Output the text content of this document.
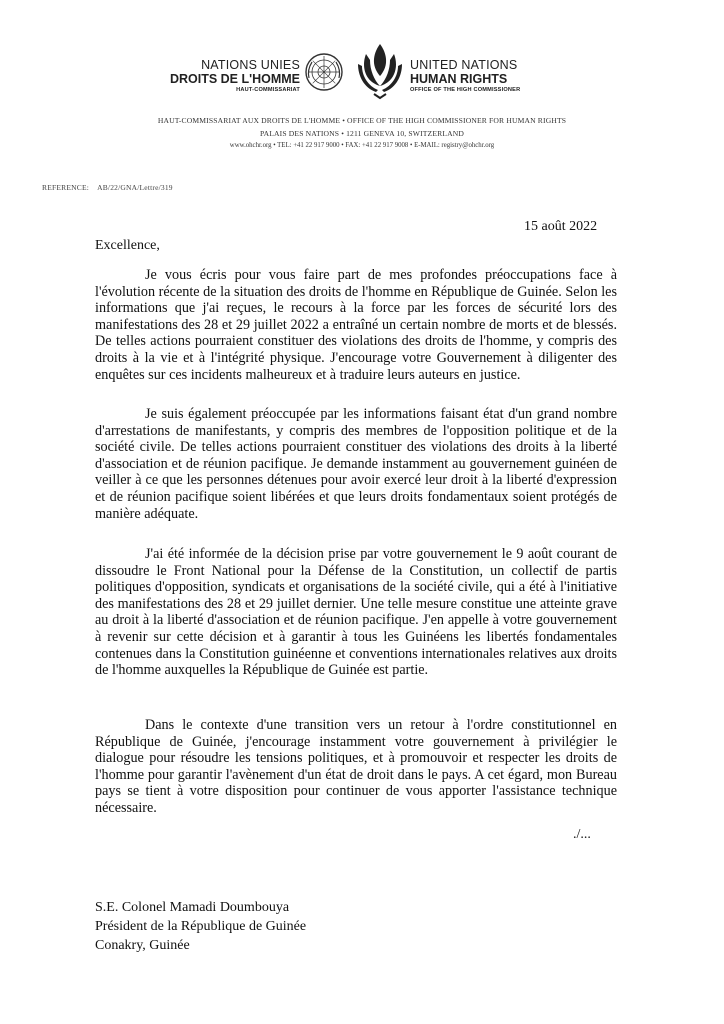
NATIONS UNIES
DROITS DE L'HOMME
HAUT-COMMISSARIAT
UNITED NATIONS
HUMAN RIGHTS
OFFICE OF THE HIGH COMMISSIONER
HAUT-COMMISSARIAT AUX DROITS DE L'HOMME • OFFICE OF THE HIGH COMMISSIONER FOR HUMAN RIGHTS
PALAIS DES NATIONS • 1211 GENEVA 10, SWITZERLAND
www.ohchr.org • TEL: +41 22 917 9000 • FAX: +41 22 917 9008 • E-MAIL: registry@ohchr.org
REFERENCE: AB/22/GNA/Lettre/319
15 août 2022
Excellence,

Je vous écris pour vous faire part de mes profondes préoccupations face à l'évolution récente de la situation des droits de l'homme en République de Guinée. Selon les informations que j'ai reçues, le recours à la force par les forces de sécurité lors des manifestations des 28 et 29 juillet 2022 a entraîné un certain nombre de morts et de blessés. De telles actions pourraient constituer des violations des droits de l'homme, y compris des droits à la vie et à l'intégrité physique. J'encourage votre Gouvernement à diligenter des enquêtes sur ces incidents malheureux et à traduire leurs auteurs en justice.

Je suis également préoccupée par les informations faisant état d'un grand nombre d'arrestations de manifestants, y compris des membres de l'opposition politique et de la société civile. De telles actions pourraient constituer des violations des droits à la liberté d'association et de réunion pacifique. Je demande instamment au gouvernement guinéen de veiller à ce que les personnes détenues pour avoir exercé leur droit à la liberté d'expression et de réunion pacifique soient libérées et que leurs droits fondamentaux soient protégés de manière adéquate.

J'ai été informée de la décision prise par votre gouvernement le 9 août courant de dissoudre le Front National pour la Défense de la Constitution, un collectif de partis politiques d'opposition, syndicats et organisations de la société civile, qui a été à l'initiative des manifestations des 28 et 29 juillet dernier. Une telle mesure constitue une atteinte grave au droit à la liberté d'association et de réunion pacifique. J'en appelle à votre gouvernement à revenir sur cette décision et à garantir à tous les Guinéens les libertés fondamentales contenues dans la Constitution guinéenne et conventions internationales relatives aux droits de l'homme auxquelles la République de Guinée est partie.

Dans le contexte d'une transition vers un retour à l'ordre constitutionnel en République de Guinée, j'encourage instamment votre gouvernement à privilégier le dialogue pour résoudre les tensions politiques, et à promouvoir et respecter les droits de l'homme pour garantir l'avènement d'un état de droit dans le pays. A cet égard, mon Bureau pays se tient à votre disposition pour continuer de vous apporter l'assistance technique nécessaire.

./...
S.E. Colonel Mamadi Doumbouya
Président de la République de Guinée
Conakry, Guinée
